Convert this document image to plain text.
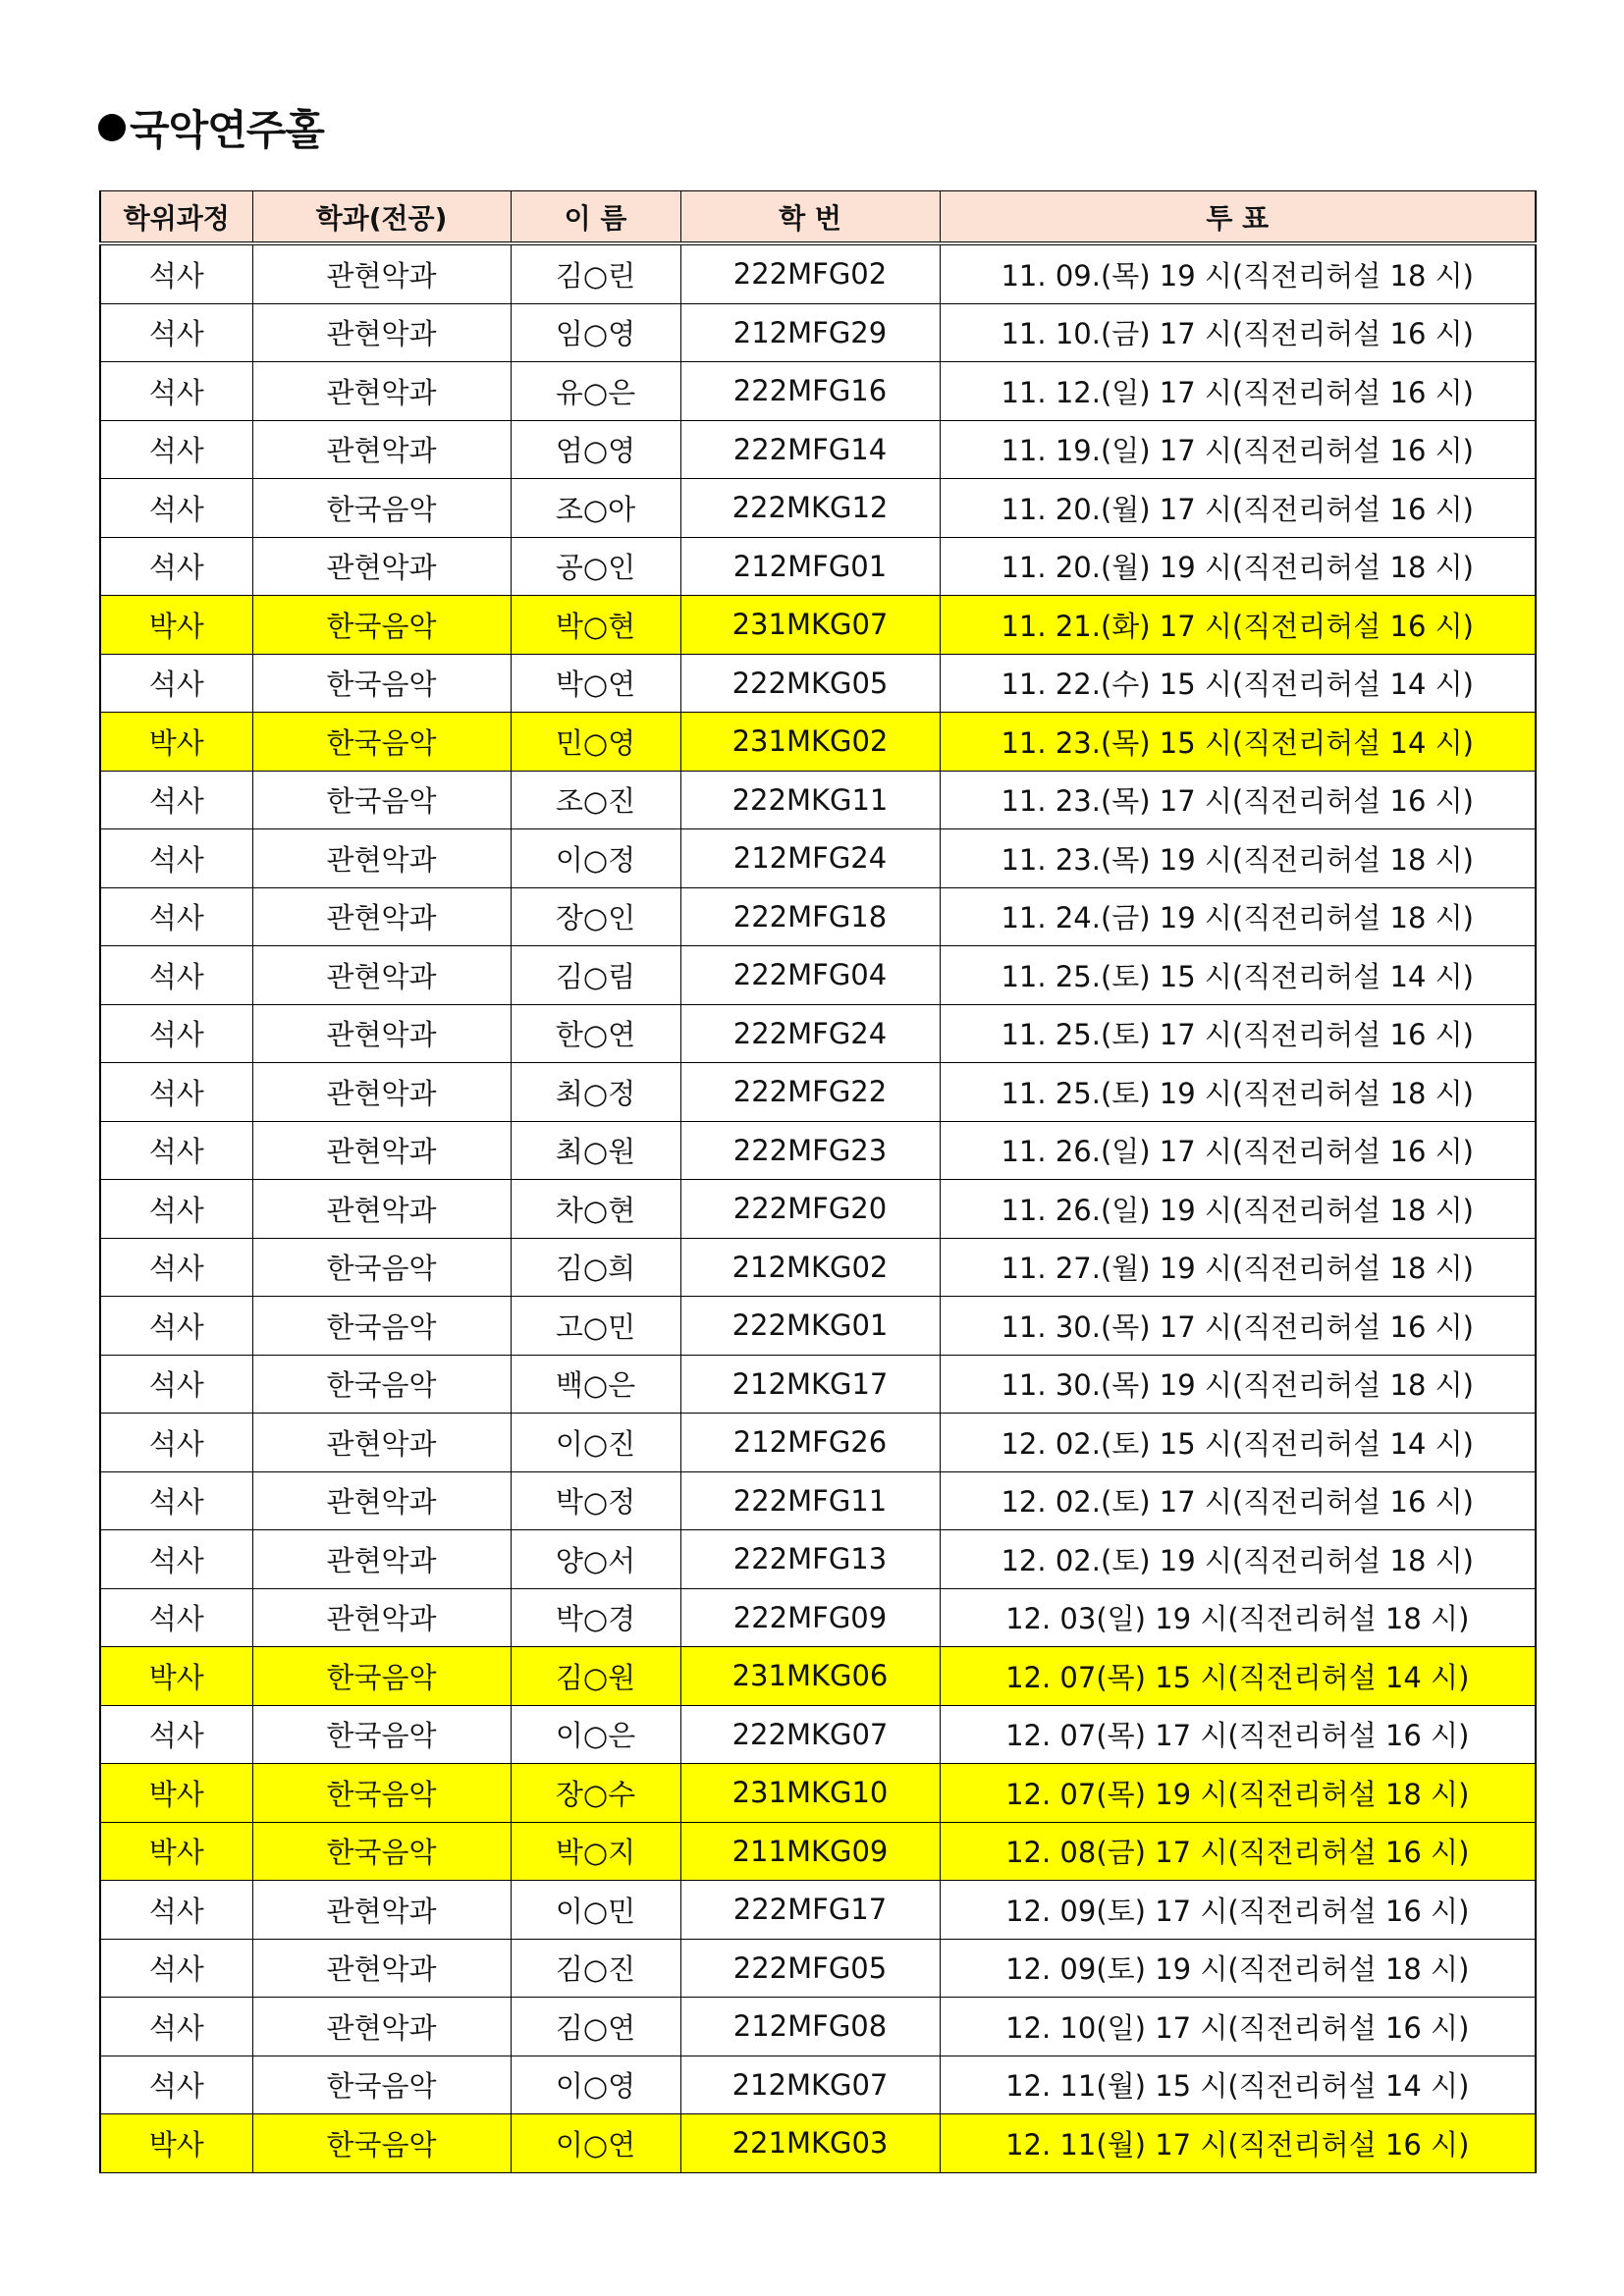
국악연주홀
학위과정	학과(전공)	이 름	학 번	투 표
석사	관현악과	김○린	222MFG02	11. 09.(목) 19 시(직전리허설 18 시)
석사	관현악과	임○영	212MFG29	11. 10.(금) 17 시(직전리허설 16 시)
석사	관현악과	유○은	222MFG16	11. 12.(일) 17 시(직전리허설 16 시)
석사	관현악과	엄○영	222MFG14	11. 19.(일) 17 시(직전리허설 16 시)
석사	한국음악	조○아	222MKG12	11. 20.(월) 17 시(직전리허설 16 시)
석사	관현악과	공○인	212MFG01	11. 20.(월) 19 시(직전리허설 18 시)
박사	한국음악	박○현	231MKG07	11. 21.(화) 17 시(직전리허설 16 시)
석사	한국음악	박○연	222MKG05	11. 22.(수) 15 시(직전리허설 14 시)
박사	한국음악	민○영	231MKG02	11. 23.(목) 15 시(직전리허설 14 시)
석사	한국음악	조○진	222MKG11	11. 23.(목) 17 시(직전리허설 16 시)
석사	관현악과	이○정	212MFG24	11. 23.(목) 19 시(직전리허설 18 시)
석사	관현악과	장○인	222MFG18	11. 24.(금) 19 시(직전리허설 18 시)
석사	관현악과	김○림	222MFG04	11. 25.(토) 15 시(직전리허설 14 시)
석사	관현악과	한○연	222MFG24	11. 25.(토) 17 시(직전리허설 16 시)
석사	관현악과	최○정	222MFG22	11. 25.(토) 19 시(직전리허설 18 시)
석사	관현악과	최○원	222MFG23	11. 26.(일) 17 시(직전리허설 16 시)
석사	관현악과	차○현	222MFG20	11. 26.(일) 19 시(직전리허설 18 시)
석사	한국음악	김○희	212MKG02	11. 27.(월) 19 시(직전리허설 18 시)
석사	한국음악	고○민	222MKG01	11. 30.(목) 17 시(직전리허설 16 시)
석사	한국음악	백○은	212MKG17	11. 30.(목) 19 시(직전리허설 18 시)
석사	관현악과	이○진	212MFG26	12. 02.(토) 15 시(직전리허설 14 시)
석사	관현악과	박○정	222MFG11	12. 02.(토) 17 시(직전리허설 16 시)
석사	관현악과	양○서	222MFG13	12. 02.(토) 19 시(직전리허설 18 시)
석사	관현악과	박○경	222MFG09	12. 03(일) 19 시(직전리허설 18 시)
박사	한국음악	김○원	231MKG06	12. 07(목) 15 시(직전리허설 14 시)
석사	한국음악	이○은	222MKG07	12. 07(목) 17 시(직전리허설 16 시)
박사	한국음악	장○수	231MKG10	12. 07(목) 19 시(직전리허설 18 시)
박사	한국음악	박○지	211MKG09	12. 08(금) 17 시(직전리허설 16 시)
석사	관현악과	이○민	222MFG17	12. 09(토) 17 시(직전리허설 16 시)
석사	관현악과	김○진	222MFG05	12. 09(토) 19 시(직전리허설 18 시)
석사	관현악과	김○연	212MFG08	12. 10(일) 17 시(직전리허설 16 시)
석사	한국음악	이○영	212MKG07	12. 11(월) 15 시(직전리허설 14 시)
박사	한국음악	이○연	221MKG03	12. 11(월) 17 시(직전리허설 16 시)
